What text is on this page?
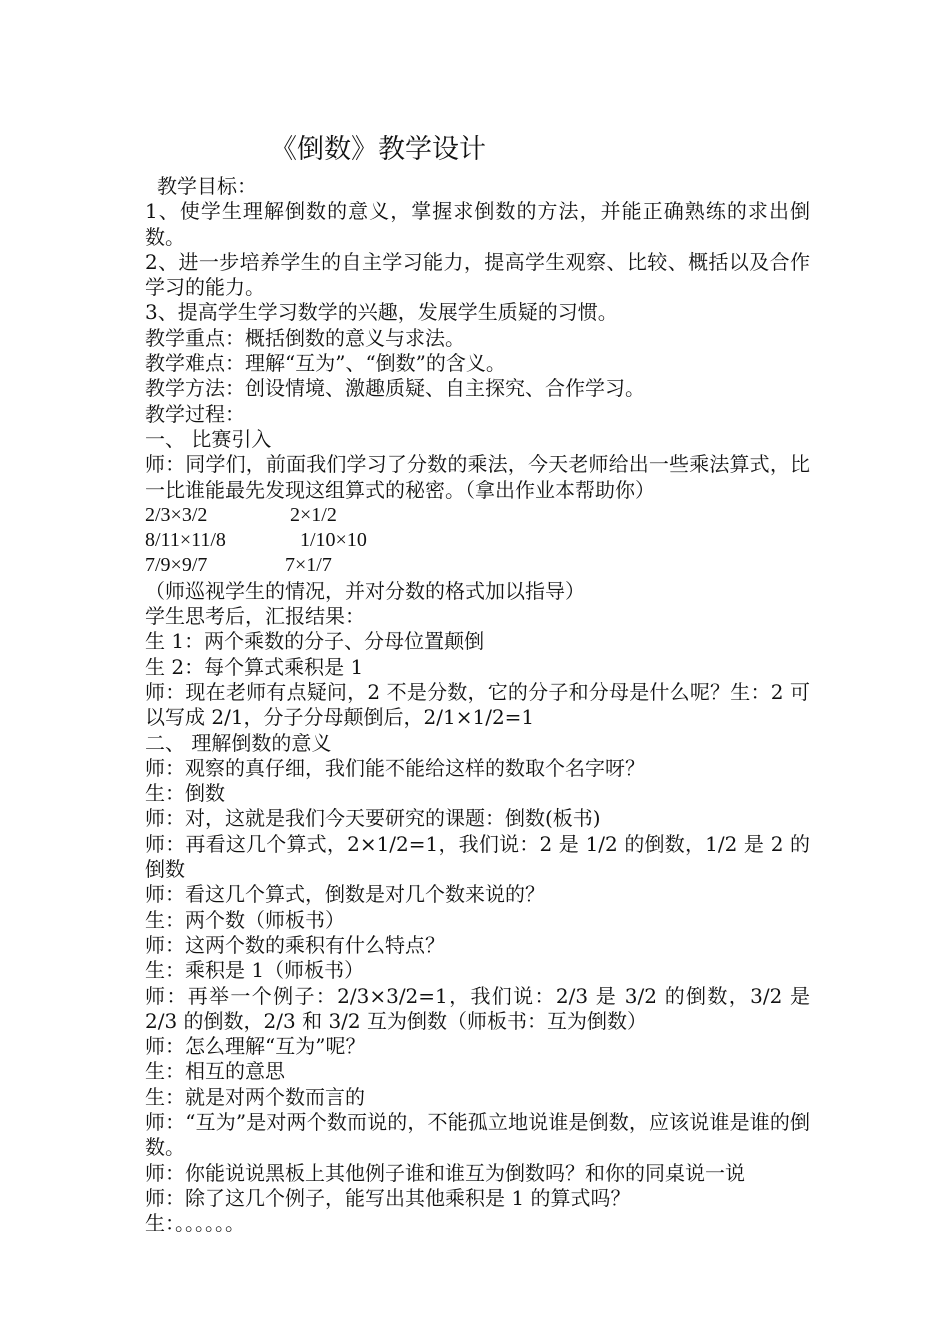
《倒数》教学设计
教学目标：
1、使学生理解倒数的意义，掌握求倒数的方法，并能正确熟练的求出倒数。
2、进一步培养学生的自主学习能力，提高学生观察、比较、概括以及合作学习的能力。
3、提高学生学习数学的兴趣，发展学生质疑的习惯。
教学重点：概括倒数的意义与求法。
教学难点：理解“互为”、“倒数”的含义。
教学方法：创设情境、激趣质疑、自主探究、合作学习。
教学过程：
一、 比赛引入
师：同学们，前面我们学习了分数的乘法，今天老师给出一些乘法算式，比一比谁能最先发现这组算式的秘密。（拿出作业本帮助你）
2/3×3/2	2×1/2
8/11×11/8	1/10×10
7/9×9/7	7×1/7
（师巡视学生的情况，并对分数的格式加以指导）
学生思考后，汇报结果：
生 1：两个乘数的分子、分母位置颠倒
生 2：每个算式乘积是 1
师：现在老师有点疑问，2 不是分数，它的分子和分母是什么呢？生：2 可以写成 2/1，分子分母颠倒后，2/1×1/2=1
二、 理解倒数的意义
师：观察的真仔细，我们能不能给这样的数取个名字呀？
生：倒数
师：对，这就是我们今天要研究的课题：倒数(板书)
师：再看这几个算式，2×1/2=1，我们说：2 是 1/2 的倒数，1/2 是 2 的倒数
师：看这几个算式，倒数是对几个数来说的？
生：两个数（师板书）
师：这两个数的乘积有什么特点？
生：乘积是 1（师板书）
师：再举一个例子：2/3×3/2=1，我们说：2/3 是 3/2 的倒数，3/2 是 2/3 的倒数，2/3 和 3/2 互为倒数（师板书：互为倒数）
师：怎么理解“互为”呢？
生：相互的意思
生：就是对两个数而言的
师：“互为”是对两个数而说的，不能孤立地说谁是倒数，应该说谁是谁的倒数。
师：你能说说黑板上其他例子谁和谁互为倒数吗？和你的同桌说一说
师：除了这几个例子，能写出其他乘积是 1 的算式吗？
生：。。。。。。
